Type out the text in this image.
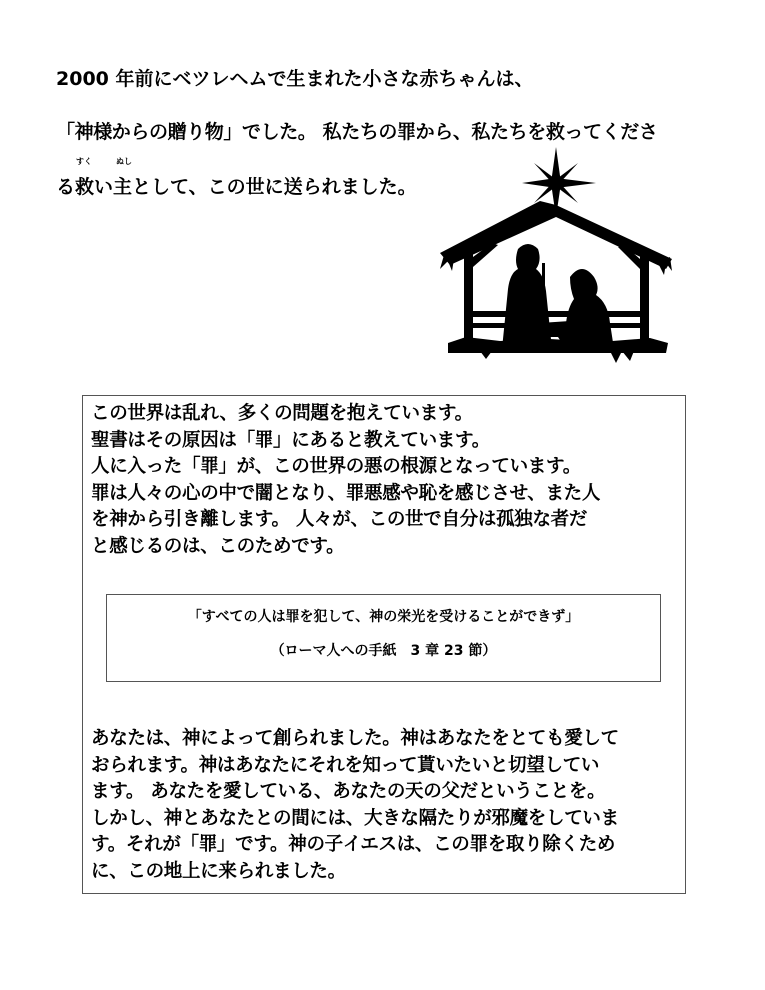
2000 年前にベツレヘムで生まれた小さな赤ちゃんは、
「神様からの贈り物」でした。 私たちの罪から、私たちを救ってくださ
すく	ぬし
る救い主として、この世に送られました。
この世界は乱れ、多くの問題を抱えています。
聖書はその原因は「罪」にあると教えています。
人に入った「罪」が、この世界の悪の根源となっています。
罪は人々の心の中で闇となり、罪悪感や恥を感じさせ、また人
を神から引き離します。 人々が、この世で自分は孤独な者だ
と感じるのは、このためです。
「すべての人は罪を犯して、神の栄光を受けることができず」
（ローマ人への手紙　3 章 23 節）
あなたは、神によって創られました。神はあなたをとても愛して
おられます。神はあなたにそれを知って貰いたいと切望してい
ます。 あなたを愛している、あなたの天の父だということを。
しかし、神とあなたとの間には、大きな隔たりが邪魔をしていま
す。それが「罪」です。神の子イエスは、この罪を取り除くため
に、この地上に来られました。
